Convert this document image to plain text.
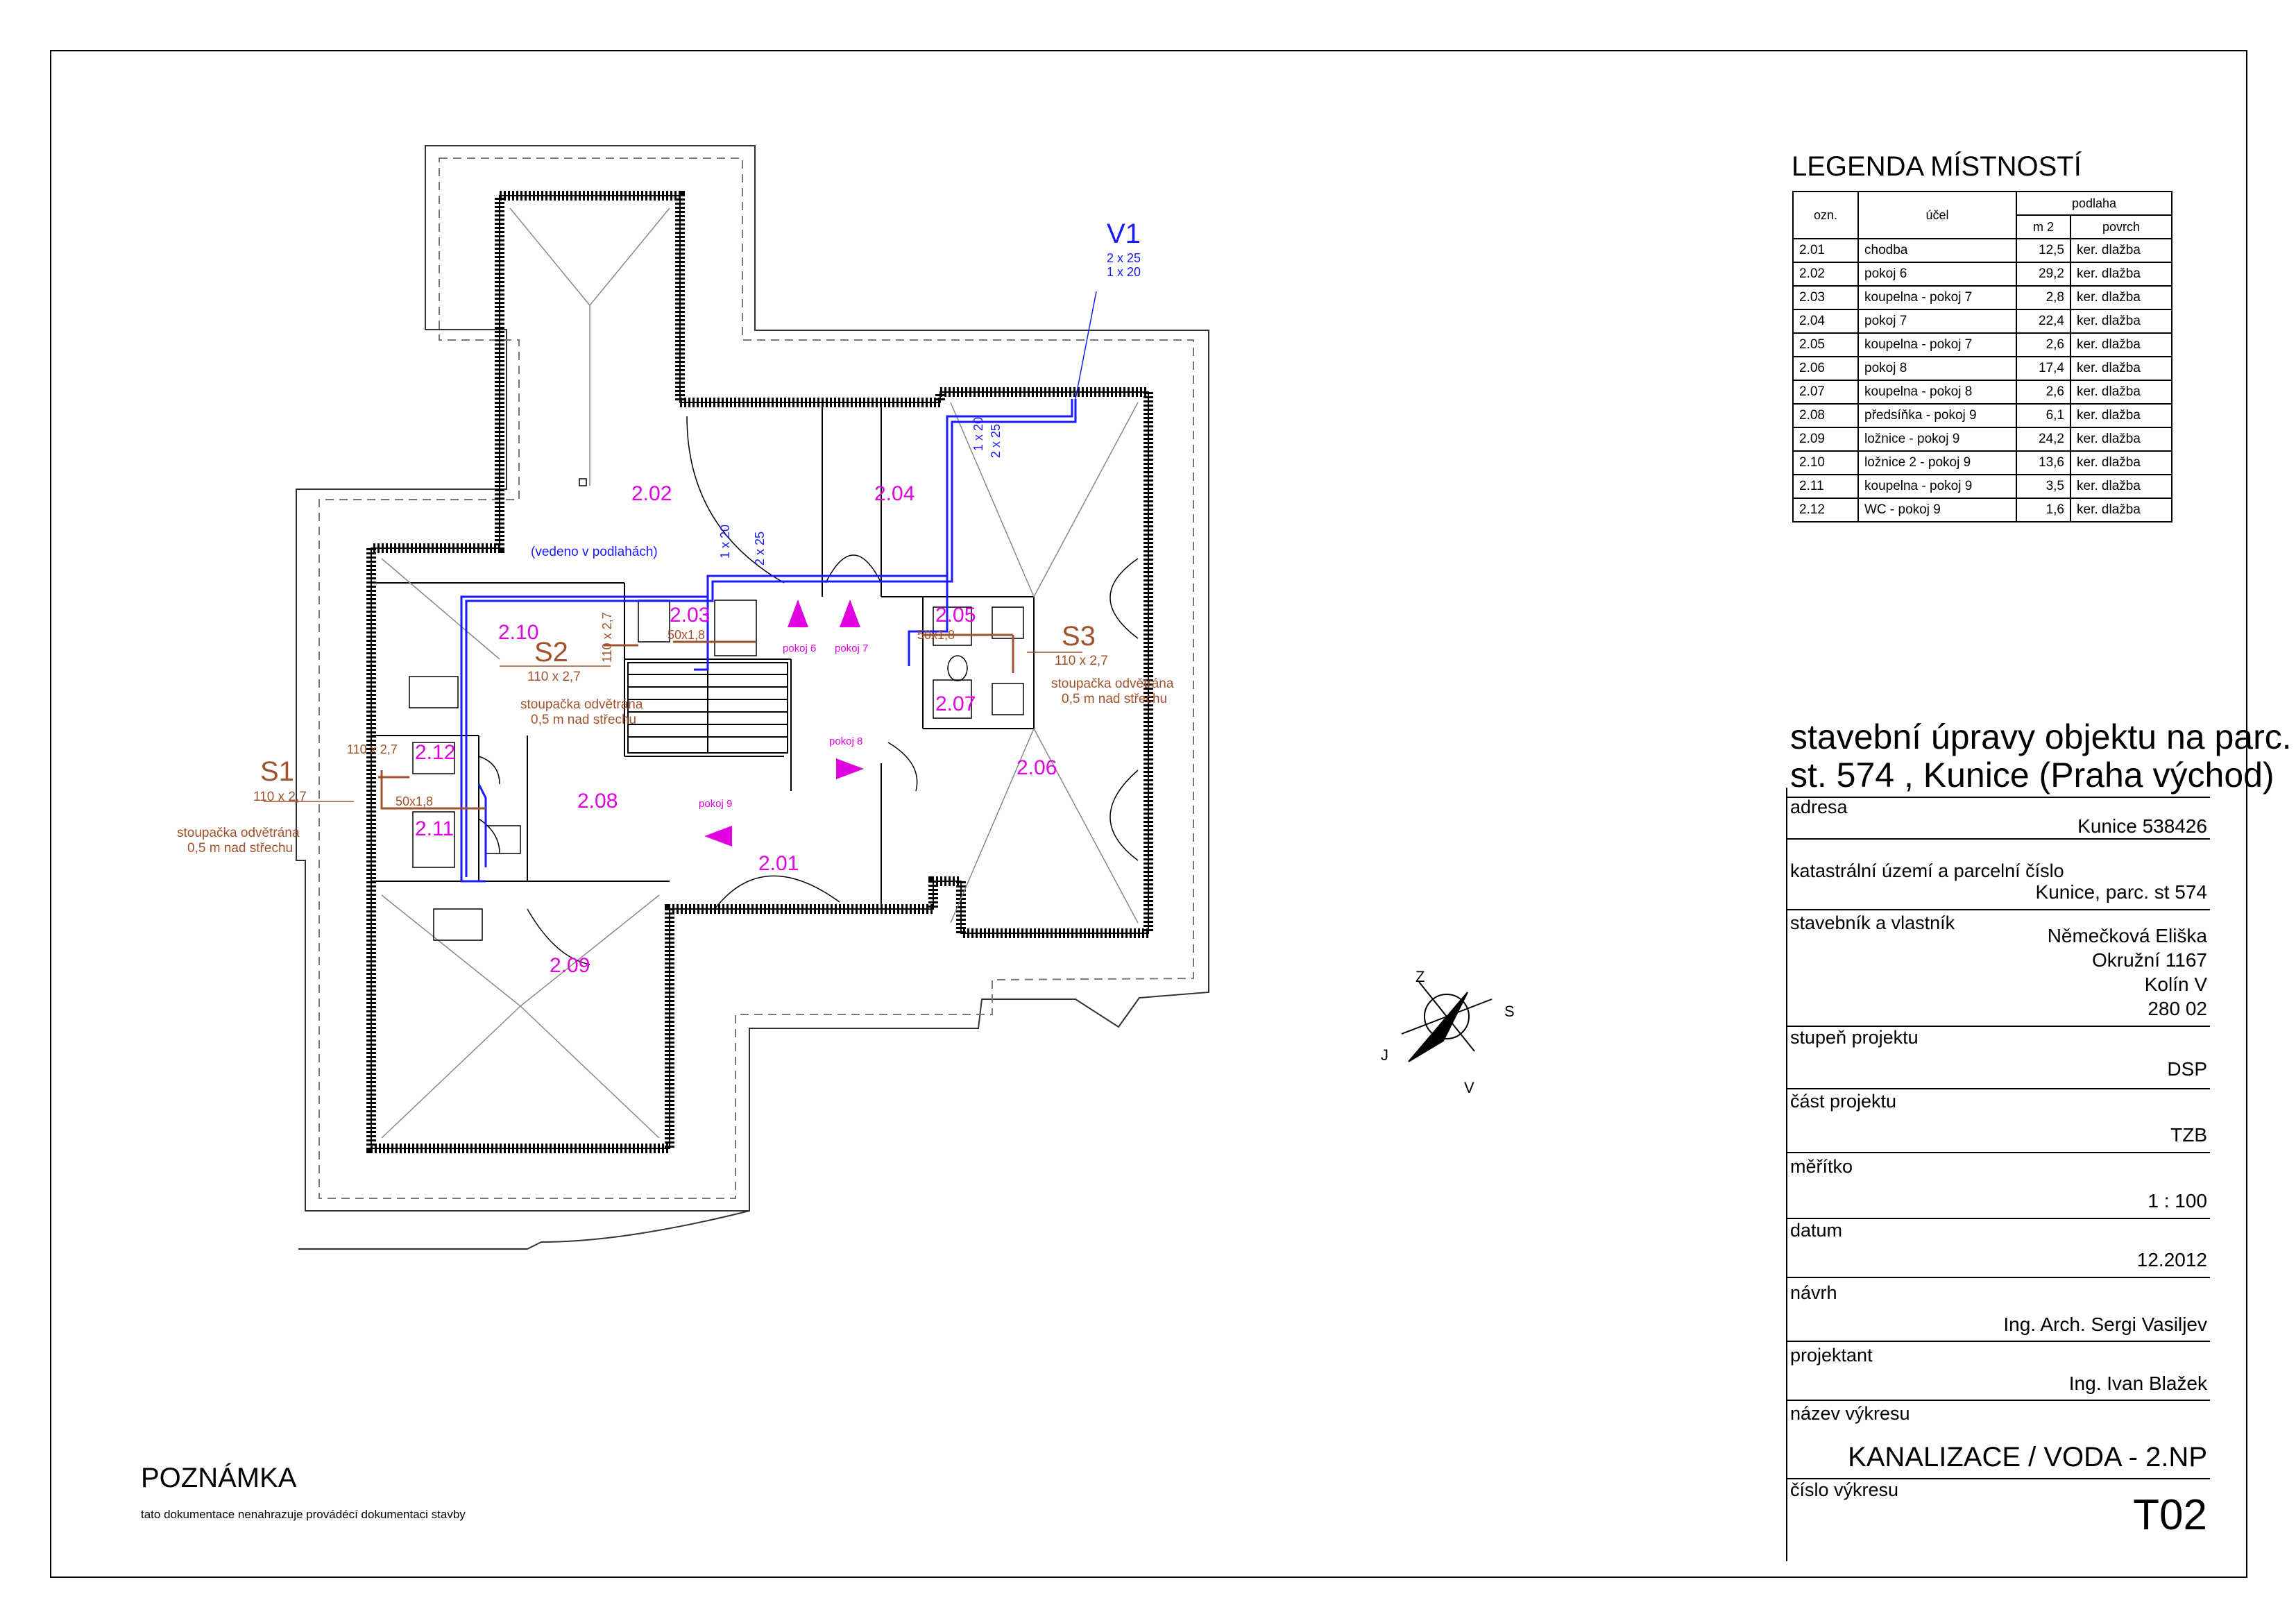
2.02	2.04
2.10
2.03	2.05
2.07
2.06
2.08
2.01
2.12
2.11
2.09
pokoj 6 pokoj 7
pokoj 8
pokoj 9
V1
2 x 25
1 x 20
1 x 20 2 x 25
1 x 20 2 x 25
(vedeno v podlahách)
S1
110 x 2,7
stoupačka odvětrána
0,5 m nad střechu
S2
110 x 2,7
stoupačka odvětrána
0,5 m nad střechu
S3
110 x 2,7
stoupačka odvětrána
0,5 m nad střechu
50x1,8	50x1,8
50x1,8
110 x 2,7
110 x 2,7
S
J
Z
V
LEGENDA MÍSTNOSTÍ
ozn.	účel	podlaha	
		m 2	povrch
2.01	chodba	12,5	ker. dlažba
2.02	pokoj 6	29,2	ker. dlažba
2.03	koupelna - pokoj 7	2,8	ker. dlažba
2.04	pokoj 7	22,4	ker. dlažba
2.05	koupelna - pokoj 7	2,6	ker. dlažba
2.06	pokoj 8	17,4	ker. dlažba
2.07	koupelna - pokoj 8	2,6	ker. dlažba
2.08	předsíňka - pokoj 9	6,1	ker. dlažba
2.09	ložnice - pokoj 9	24,2	ker. dlažba
2.10	ložnice 2 - pokoj 9	13,6	ker. dlažba
2.11	koupelna - pokoj 9	3,5	ker. dlažba
2.12	WC - pokoj 9	1,6	ker. dlažba
stavební úpravy objektu na parc.
st. 574 , Kunice (Praha východ)
adresa
Kunice 538426
katastrální území a parcelní číslo
Kunice, parc. st 574
stavebník a vlastník
Němečková Eliška
Okružní 1167
Kolín V
280 02
stupeň projektu
DSP
část projektu
TZB
měřítko
1 : 100
datum
12.2012
návrh
Ing. Arch. Sergi Vasiljev
projektant
Ing. Ivan Blažek
název výkresu
KANALIZACE / VODA - 2.NP
číslo výkresu
T02
POZNÁMKA
tato dokumentace nenahrazuje provádécí dokumentaci stavby
